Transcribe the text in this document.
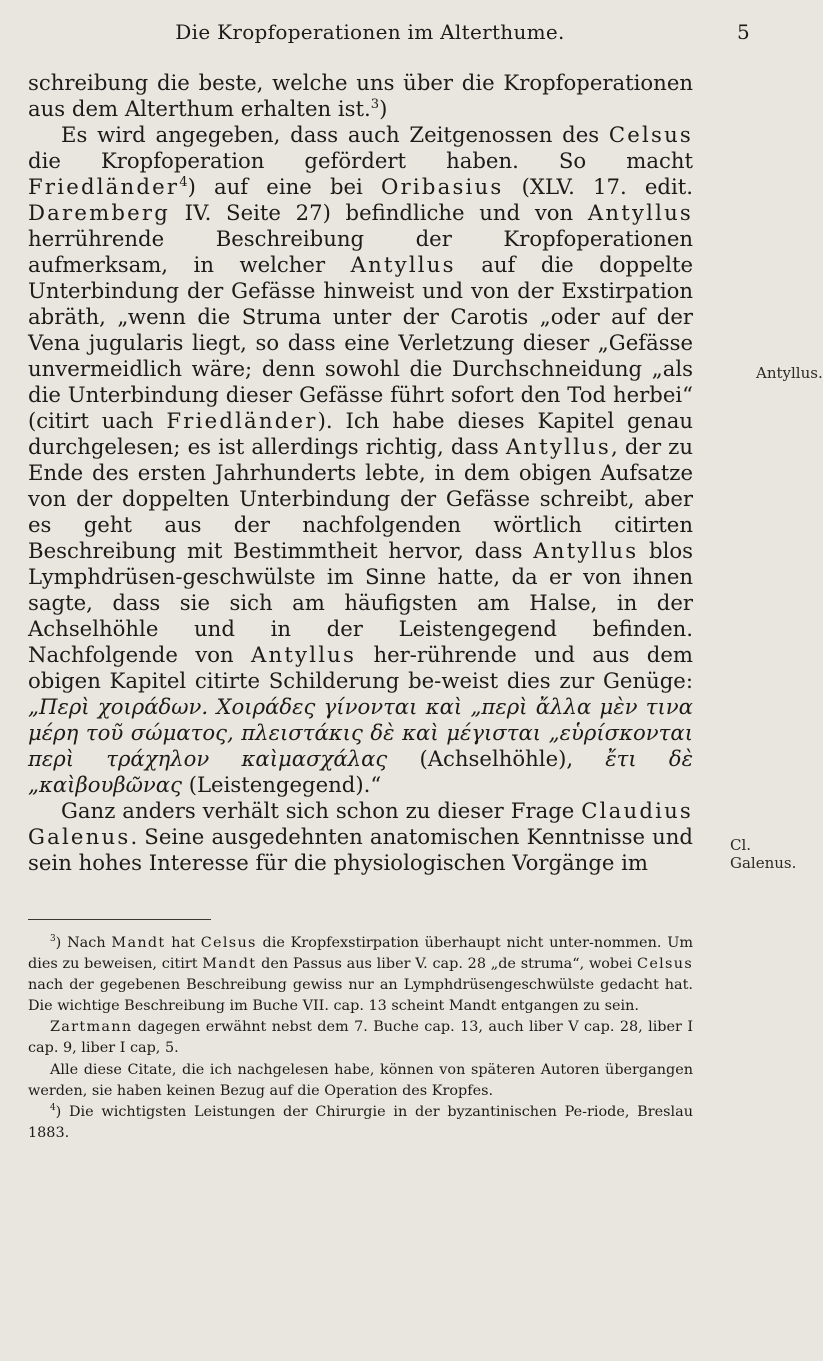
Die Kropfoperationen im Alterthume.	5
Antyllus.
Cl. Galenus.

schreibung die beste, welche uns über die Kropfoperationen aus dem Alterthum erhalten ist.$^3$)

Es wird angegeben, dass auch Zeitgenossen des Celsus die Kropfoperation gefördert haben. So macht Friedländer$^4$) auf eine bei Oribasius (XLV. 17. edit. Daremberg IV. Seite 27) befindliche und von Antyllus herrührende Beschreibung der Kropfoperationen aufmerksam, in welcher Antyllus auf die doppelte Unterbindung der Gefässe hinweist und von der Exstirpation abräth, „wenn die Struma unter der Carotis „oder auf der Vena jugularis liegt, so dass eine Verletzung dieser „Gefässe unvermeidlich wäre; denn sowohl die Durchschneidung „als die Unterbindung dieser Gefässe führt sofort den Tod herbei“ (citirt uach Friedländer). Ich habe dieses Kapitel genau durchgelesen; es ist allerdings richtig, dass Antyllus, der zu Ende des ersten Jahrhunderts lebte, in dem obigen Aufsatze von der doppelten Unterbindung der Gefässe schreibt, aber es geht aus der nachfolgenden wörtlich citirten Beschreibung mit Bestimmtheit hervor, dass Antyllus blos Lymphdrüsen-geschwülste im Sinne hatte, da er von ihnen sagte, dass sie sich am häufigsten am Halse, in der Achselhöhle und in der Leistengegend befinden. Nachfolgende von Antyllus her-rührende und aus dem obigen Kapitel citirte Schilderung be-weist dies zur Genüge: „Περὶ χοιράδων. Χοιράδες γίνονται καὶ „περὶ ἄλλα μὲν τινα μέρη τοῦ σώματος, πλειστάκις δὲ καὶ μέγισται „εὑρίσκονται περὶ τράχηλον καὶμασχάλας (Achselhöhle), ἔτι δὲ „καὶβουβῶνας (Leistengegend).“

Ganz anders verhält sich schon zu dieser Frage Claudius Galenus. Seine ausgedehnten anatomischen Kenntnisse und sein hohes Interesse für die physiologischen Vorgänge im

$^3$) Nach Mandt hat Celsus die Kropfexstirpation überhaupt nicht unter-nommen. Um dies zu beweisen, citirt Mandt den Passus aus liber V. cap. 28 „de struma“, wobei Celsus nach der gegebenen Beschreibung gewiss nur an Lymphdrüsengeschwülste gedacht hat. Die wichtige Beschreibung im Buche VII. cap. 13 scheint Mandt entgangen zu sein.

Zartmann dagegen erwähnt nebst dem 7. Buche cap. 13, auch liber V cap. 28, liber I cap. 9, liber I cap, 5.

Alle diese Citate, die ich nachgelesen habe, können von späteren Autoren übergangen werden, sie haben keinen Bezug auf die Operation des Kropfes.

$^4$) Die wichtigsten Leistungen der Chirurgie in der byzantinischen Pe-riode, Breslau 1883.
